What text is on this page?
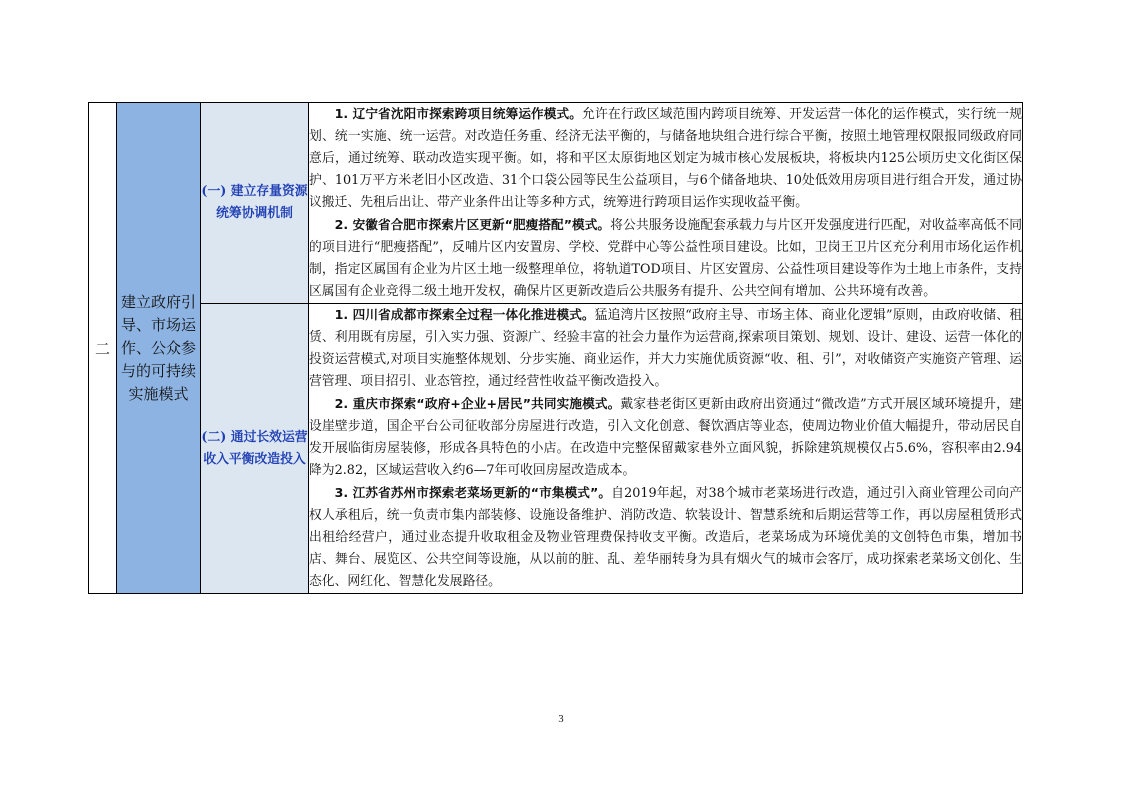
二	建立政府引导、市场运作、公众参与的可持续实施模式	(一) 建立存量资源统筹协调机制	1. 辽宁省沈阳市探索跨项目统筹运作模式。允许在行政区域范围内跨项目统筹、开发运营一体化的运作模式，实行统一规划、统一实施、统一运营。对改造任务重、经济无法平衡的，与储备地块组合进行综合平衡，按照土地管理权限报同级政府同意后，通过统筹、联动改造实现平衡。如，将和平区太原街地区划定为城市核心发展板块，将板块内125公顷历史文化街区保护、101万平方米老旧小区改造、31个口袋公园等民生公益项目，与6个储备地块、10处低效用房项目进行组合开发，通过协议搬迁、先租后出让、带产业条件出让等多种方式，统筹进行跨项目运作实现收益平衡。

2. 安徽省合肥市探索片区更新“肥瘦搭配”模式。将公共服务设施配套承载力与片区开发强度进行匹配，对收益率高低不同的项目进行“肥瘦搭配”，反哺片区内安置房、学校、党群中心等公益性项目建设。比如，卫岗王卫片区充分利用市场化运作机制，指定区属国有企业为片区土地一级整理单位，将轨道TOD项目、片区安置房、公益性项目建设等作为土地上市条件，支持区属国有企业竞得二级土地开发权，确保片区更新改造后公共服务有提升、公共空间有增加、公共环境有改善。

		(二) 通过长效运营收入平衡改造投入	1. 四川省成都市探索全过程一体化推进模式。猛追湾片区按照“政府主导、市场主体、商业化逻辑”原则，由政府收储、租赁、利用既有房屋，引入实力强、资源广、经验丰富的社会力量作为运营商,探索项目策划、规划、设计、建设、运营一体化的投资运营模式,对项目实施整体规划、分步实施、商业运作，并大力实施优质资源“收、租、引”，对收储资产实施资产管理、运营管理、项目招引、业态管控，通过经营性收益平衡改造投入。

2. 重庆市探索“政府+企业+居民”共同实施模式。戴家巷老街区更新由政府出资通过“微改造”方式开展区域环境提升，建设崖壁步道，国企平台公司征收部分房屋进行改造，引入文化创意、餐饮酒店等业态，使周边物业价值大幅提升，带动居民自发开展临街房屋装修，形成各具特色的小店。在改造中完整保留戴家巷外立面风貌，拆除建筑规模仅占5.6%，容积率由2.94降为2.82，区域运营收入约6—7年可收回房屋改造成本。

3. 江苏省苏州市探索老菜场更新的“市集模式”。自2019年起，对38个城市老菜场进行改造，通过引入商业管理公司向产权人承租后，统一负责市集内部装修、设施设备维护、消防改造、软装设计、智慧系统和后期运营等工作，再以房屋租赁形式出租给经营户，通过业态提升收取租金及物业管理费保持收支平衡。改造后，老菜场成为环境优美的文创特色市集，增加书店、舞台、展览区、公共空间等设施，从以前的脏、乱、差华丽转身为具有烟火气的城市会客厅，成功探索老菜场文创化、生态化、网红化、智慧化发展路径。

3
